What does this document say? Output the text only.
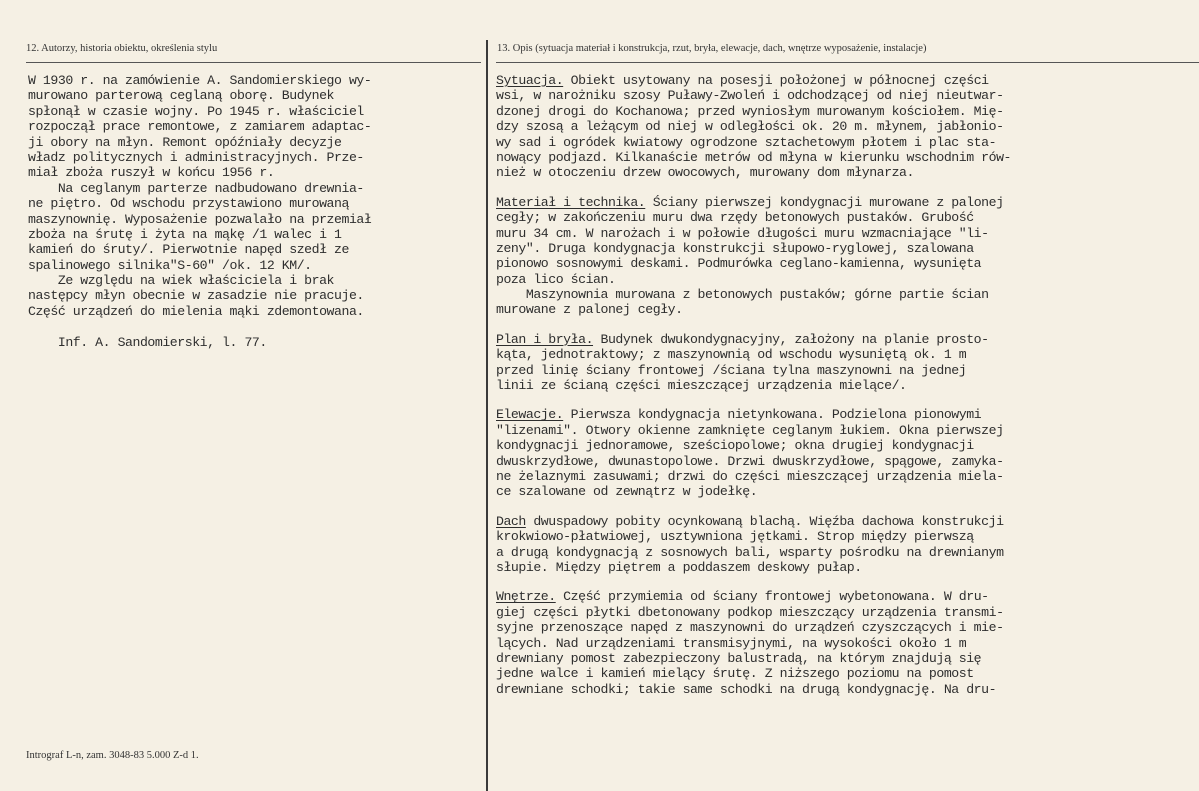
12. Autorzy, historia obiektu, określenia stylu	13. Opis (sytuacja materiał i konstrukcja, rzut, bryła, elewacje, dach, wnętrze wyposażenie, instalacje)
W 1930 r. na zamówienie A. Sandomierskiego wy-
murowano parterową ceglaną oborę. Budynek
spłonął w czasie wojny. Po 1945 r. właściciel
rozpoczął prace remontowe, z zamiarem adaptac-
ji obory na młyn. Remont opóźniały decyzje
władz politycznych i administracyjnych. Prze-
miał zboża ruszył w końcu 1956 r.
Na ceglanym parterze nadbudowano drewnia-
ne piętro. Od wschodu przystawiono murowaną
maszynownię. Wyposażenie pozwalało na przemiał
zboża na śrutę i żyta na mąkę /1 walec i 1
kamień do śruty/. Pierwotnie napęd szedł ze
spalinowego silnika"S-60" /ok. 12 KM/.
Ze względu na wiek właściciela i brak
następcy młyn obecnie w zasadzie nie pracuje.
Część urządzeń do mielenia mąki zdemontowana.
Inf. A. Sandomierski, l. 77.
Sytuacja. Obiekt usytowany na posesji położonej w północnej części
wsi, w narożniku szosy Puławy-Zwoleń i odchodzącej od niej nieutwar-
dzonej drogi do Kochanowa; przed wyniosłym murowanym kościołem. Mię-
dzy szosą a leżącym od niej w odległości ok. 20 m. młynem, jabłonio-
wy sad i ogródek kwiatowy ogrodzone sztachetowym płotem i plac sta-
nowący podjazd. Kilkanaście metrów od młyna w kierunku wschodnim rów-
nież w otoczeniu drzew owocowych, murowany dom młynarza.
Materiał i technika. Ściany pierwszej kondygnacji murowane z palonej
cegły; w zakończeniu muru dwa rzędy betonowych pustaków. Grubość
muru 34 cm. W narożach i w połowie długości muru wzmacniające "li-
zeny". Druga kondygnacja konstrukcji słupowo-ryglowej, szalowana
pionowo sosnowymi deskami. Podmurówka ceglano-kamienna, wysunięta
poza lico ścian.
Maszynownia murowana z betonowych pustaków; górne partie ścian
murowane z palonej cegły.
Plan i bryła. Budynek dwukondygnacyjny, założony na planie prosto-
kąta, jednotraktowy; z maszynownią od wschodu wysuniętą ok. 1 m
przed linię ściany frontowej /ściana tylna maszynowni na jednej
linii ze ścianą części mieszczącej urządzenia mielące/.
Elewacje. Pierwsza kondygnacja nietynkowana. Podzielona pionowymi
"lizenami". Otwory okienne zamknięte ceglanym łukiem. Okna pierwszej
kondygnacji jednoramowe, sześciopolowe; okna drugiej kondygnacji
dwuskrzydłowe, dwunastopolowe. Drzwi dwuskrzydłowe, spągowe, zamyka-
ne żelaznymi zasuwami; drzwi do części mieszczącej urządzenia miela-
ce szalowane od zewnątrz w jodełkę.
Dach dwuspadowy pobity ocynkowaną blachą. Więźba dachowa konstrukcji
krokwiowo-płatwiowej, usztywniona jętkami. Strop między pierwszą
a drugą kondygnacją z sosnowych bali, wsparty pośrodku na drewnianym
słupie. Między piętrem a poddaszem deskowy pułap.
Wnętrze. Część przymiemia od ściany frontowej wybetonowana. W dru-
giej części płytki dbetonowany podkop mieszczący urządzenia transmi-
syjne przenoszące napęd z maszynowni do urządzeń czyszczących i mie-
lących. Nad urządzeniami transmisyjnymi, na wysokości około 1 m
drewniany pomost zabezpieczony balustradą, na którym znajdują się
jedne walce i kamień mielący śrutę. Z niższego poziomu na pomost
drewniane schodki; takie same schodki na drugą kondygnację. Na dru-
Intrograf L-n, zam. 3048-83 5.000 Z-d 1.
